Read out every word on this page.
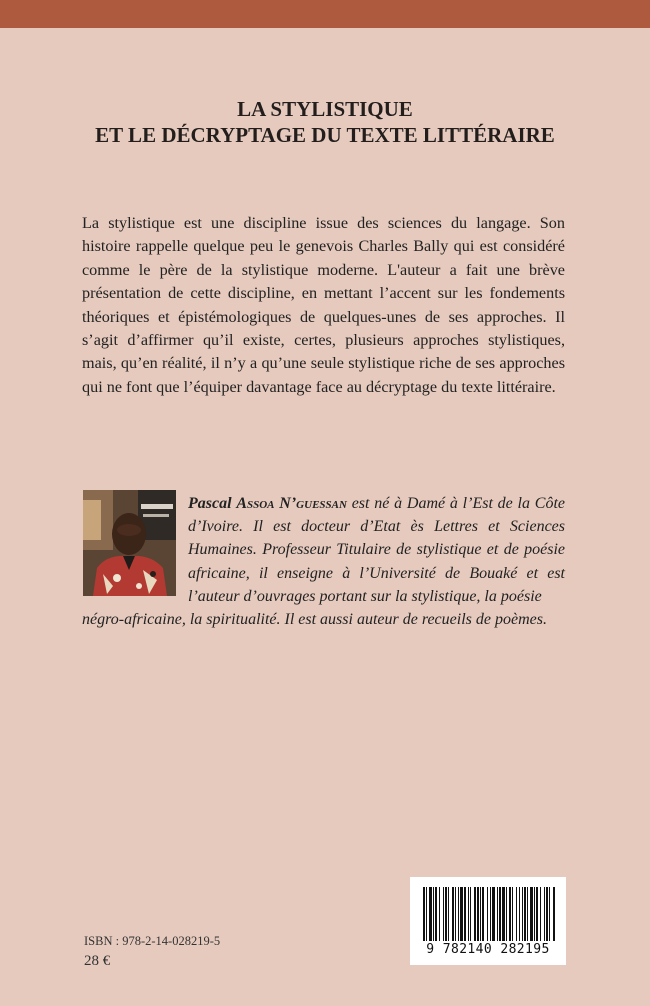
LA STYLISTIQUE
ET LE DÉCRYPTAGE DU TEXTE LITTÉRAIRE
La stylistique est une discipline issue des sciences du langage. Son histoire rappelle quelque peu le genevois Charles Bally qui est considéré comme le père de la stylistique moderne. L'auteur a fait une brève présentation de cette discipline, en mettant l’accent sur les fondements théoriques et épistémologiques de quelques-unes de ses approches. Il s’agit d’affirmer qu’il existe, certes, plusieurs approches stylistiques, mais, qu’en réalité, il n’y a qu’une seule stylistique riche de ses approches qui ne font que l’équiper davantage face au décryptage du texte littéraire.
Pascal Assoa N’guessan est né à Damé à l’Est de la Côte d’Ivoire. Il est docteur d’Etat ès Lettres et Sciences Humaines. Professeur Titulaire de stylistique et de poésie africaine, il enseigne à l’Université de Bouaké et est l’auteur d’ouvrages portant sur la stylistique, la poésie
négro-africaine, la spiritualité. Il est aussi auteur de recueils de poèmes.
ISBN : 978-2-14-028219-5
28 €
9 782140 282195
